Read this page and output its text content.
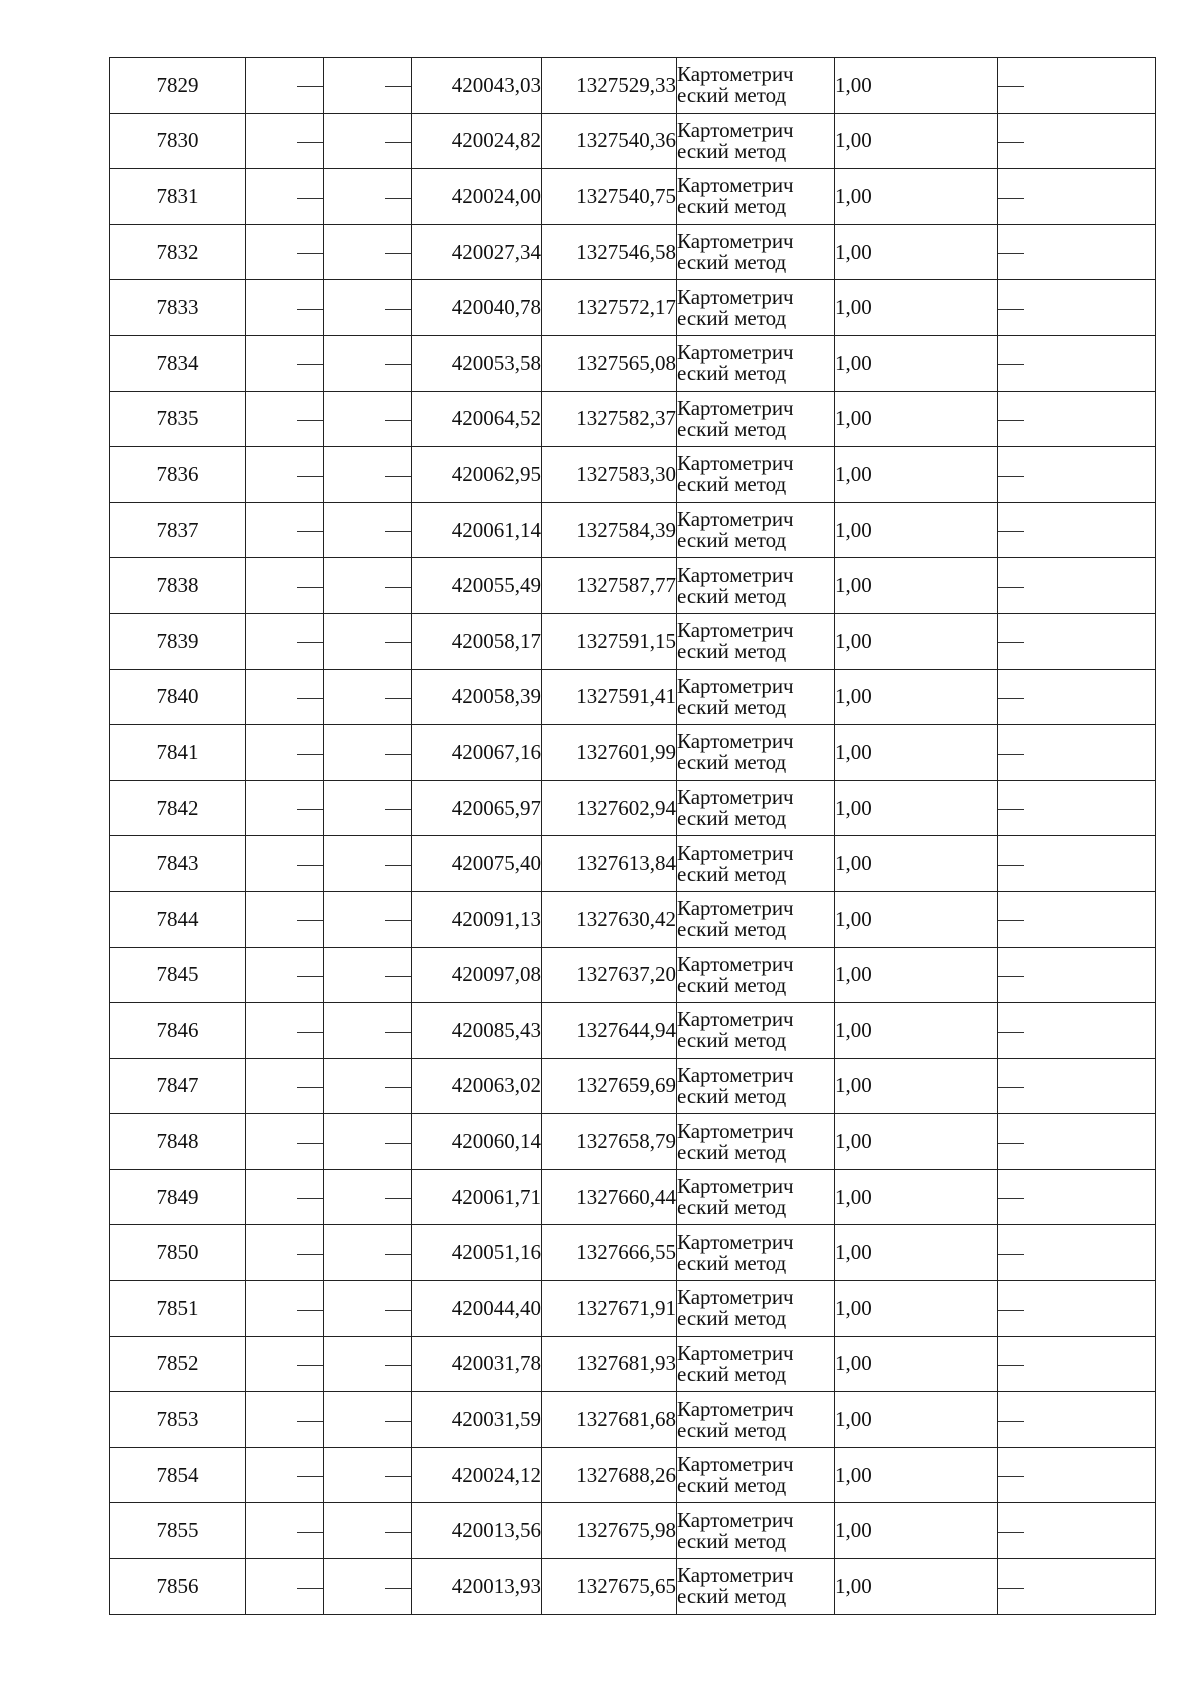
7829			420043,03	1327529,33	Картометрич
еский метод	1,00	
7830			420024,82	1327540,36	Картометрич
еский метод	1,00	
7831			420024,00	1327540,75	Картометрич
еский метод	1,00	
7832			420027,34	1327546,58	Картометрич
еский метод	1,00	
7833			420040,78	1327572,17	Картометрич
еский метод	1,00	
7834			420053,58	1327565,08	Картометрич
еский метод	1,00	
7835			420064,52	1327582,37	Картометрич
еский метод	1,00	
7836			420062,95	1327583,30	Картометрич
еский метод	1,00	
7837			420061,14	1327584,39	Картометрич
еский метод	1,00	
7838			420055,49	1327587,77	Картометрич
еский метод	1,00	
7839			420058,17	1327591,15	Картометрич
еский метод	1,00	
7840			420058,39	1327591,41	Картометрич
еский метод	1,00	
7841			420067,16	1327601,99	Картометрич
еский метод	1,00	
7842			420065,97	1327602,94	Картометрич
еский метод	1,00	
7843			420075,40	1327613,84	Картометрич
еский метод	1,00	
7844			420091,13	1327630,42	Картометрич
еский метод	1,00	
7845			420097,08	1327637,20	Картометрич
еский метод	1,00	
7846			420085,43	1327644,94	Картометрич
еский метод	1,00	
7847			420063,02	1327659,69	Картометрич
еский метод	1,00	
7848			420060,14	1327658,79	Картометрич
еский метод	1,00	
7849			420061,71	1327660,44	Картометрич
еский метод	1,00	
7850			420051,16	1327666,55	Картометрич
еский метод	1,00	
7851			420044,40	1327671,91	Картометрич
еский метод	1,00	
7852			420031,78	1327681,93	Картометрич
еский метод	1,00	
7853			420031,59	1327681,68	Картометрич
еский метод	1,00	
7854			420024,12	1327688,26	Картометрич
еский метод	1,00	
7855			420013,56	1327675,98	Картометрич
еский метод	1,00	
7856			420013,93	1327675,65	Картометрич
еский метод	1,00	
